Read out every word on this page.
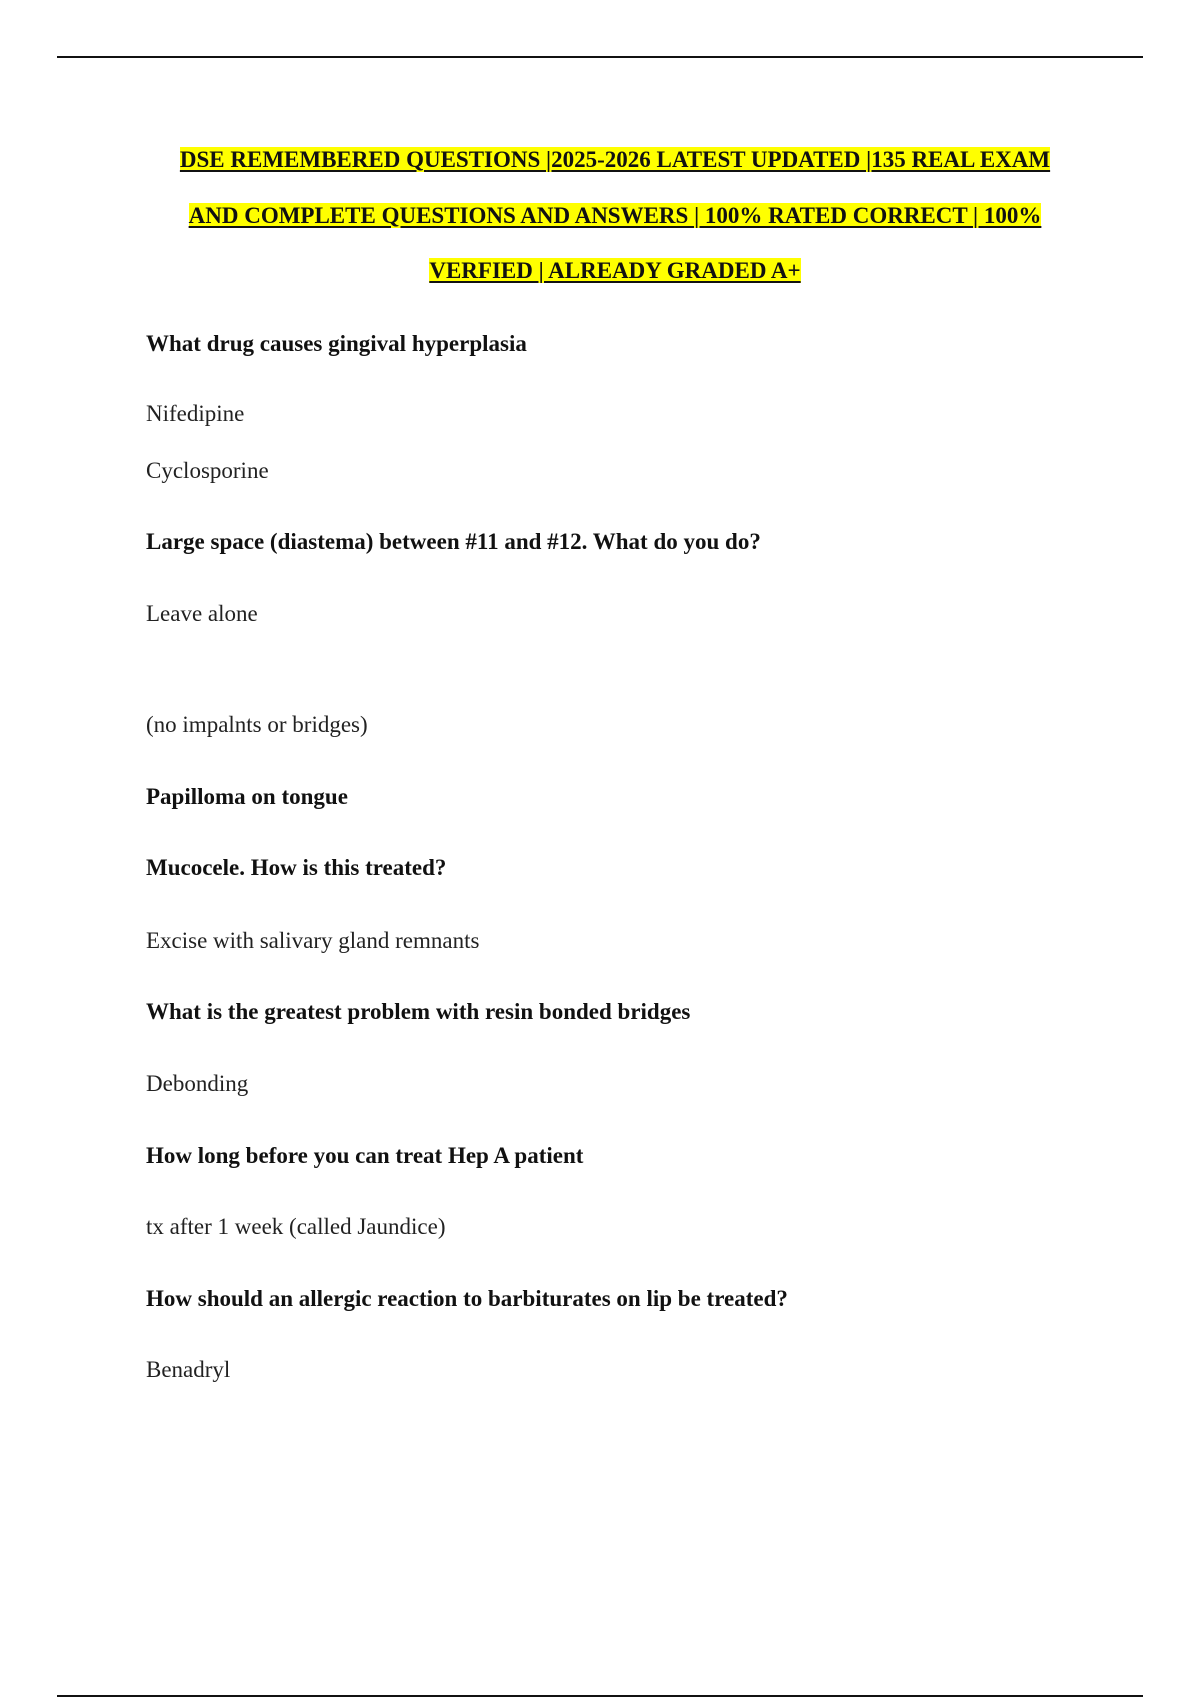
DSE REMEMBERED QUESTIONS |2025-2026 LATEST UPDATED |135 REAL EXAM
AND COMPLETE QUESTIONS AND ANSWERS | 100% RATED CORRECT | 100%
VERFIED | ALREADY GRADED A+

What drug causes gingival hyperplasia

Nifedipine

Cyclosporine

Large space (diastema) between #11 and #12. What do you do?

Leave alone

(no impalnts or bridges)

Papilloma on tongue

Mucocele. How is this treated?

Excise with salivary gland remnants

What is the greatest problem with resin bonded bridges

Debonding

How long before you can treat Hep A patient

tx after 1 week (called Jaundice)

How should an allergic reaction to barbiturates on lip be treated?

Benadryl
